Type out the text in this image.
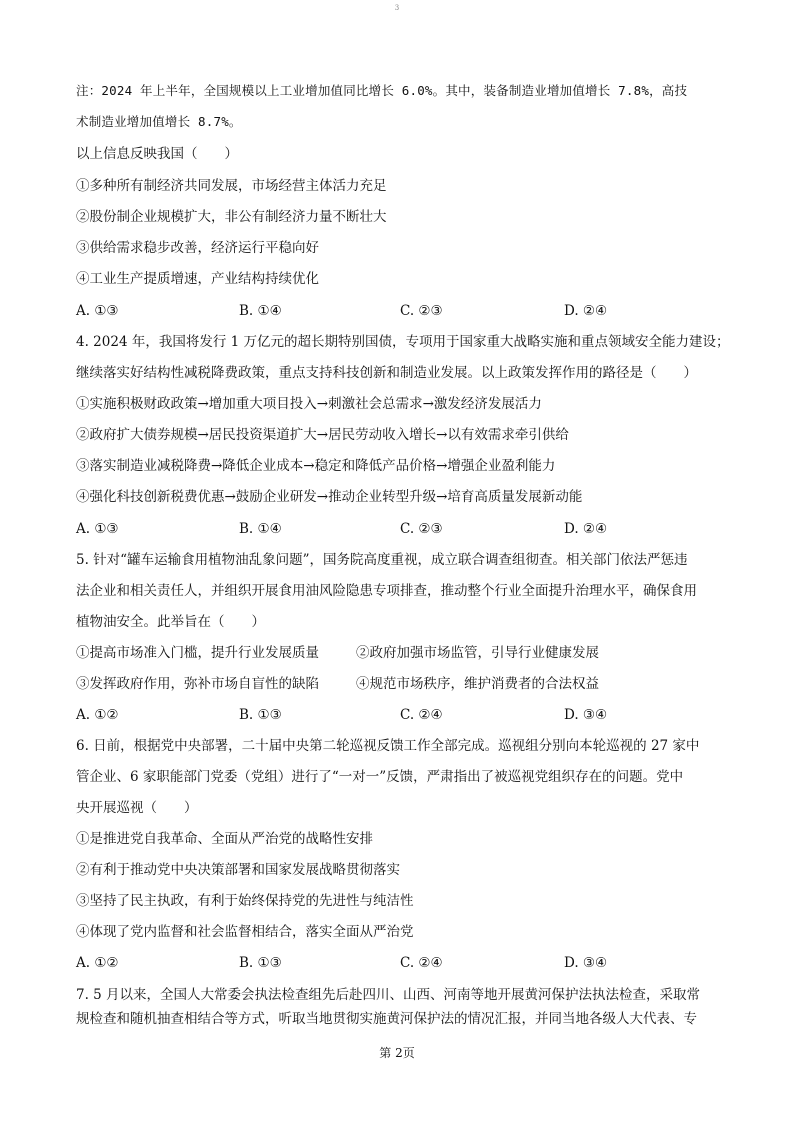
3
注：2024 年上半年，全国规模以上工业增加值同比增长 6.0%。其中，装备制造业增加值增长 7.8%，高技
术制造业增加值增长 8.7%。
以上信息反映我国（　　）
①多种所有制经济共同发展，市场经营主体活力充足
②股份制企业规模扩大，非公有制经济力量不断壮大
③供给需求稳步改善，经济运行平稳向好
④工业生产提质增速，产业结构持续优化
A. ①③	B. ①④	C. ②③	D. ②④
4. 2024 年，我国将发行 1 万亿元的超长期特别国债，专项用于国家重大战略实施和重点领域安全能力建设；
继续落实好结构性减税降费政策，重点支持科技创新和制造业发展。以上政策发挥作用的路径是（　　）
①实施积极财政政策→增加重大项目投入→刺激社会总需求→激发经济发展活力
②政府扩大债券规模→居民投资渠道扩大→居民劳动收入增长→以有效需求牵引供给
③落实制造业减税降费→降低企业成本→稳定和降低产品价格→增强企业盈利能力
④强化科技创新税费优惠→鼓励企业研发→推动企业转型升级→培育高质量发展新动能
A. ①③	B. ①④	C. ②③	D. ②④
5. 针对“罐车运输食用植物油乱象问题”，国务院高度重视，成立联合调查组彻查。相关部门依法严惩违
法企业和相关责任人，并组织开展食用油风险隐患专项排查，推动整个行业全面提升治理水平，确保食用
植物油安全。此举旨在（　　）
①提高市场准入门槛，提升行业发展质量	②政府加强市场监管，引导行业健康发展
③发挥政府作用，弥补市场自盲性的缺陷	④规范市场秩序，维护消费者的合法权益
A. ①②	B. ①③	C. ②④	D. ③④
6. 日前，根据党中央部署，二十届中央第二轮巡视反馈工作全部完成。巡视组分别向本轮巡视的 27 家中
管企业、6 家职能部门党委（党组）进行了“一对一”反馈，严肃指出了被巡视党组织存在的问题。党中
央开展巡视（　　）
①是推进党自我革命、全面从严治党的战略性安排
②有利于推动党中央决策部署和国家发展战略贯彻落实
③坚持了民主执政，有利于始终保持党的先进性与纯洁性
④体现了党内监督和社会监督相结合，落实全面从严治党
A. ①②	B. ①③	C. ②④	D. ③④
7. 5 月以来，全国人大常委会执法检查组先后赴四川、山西、河南等地开展黄河保护法执法检查，采取常
规检查和随机抽查相结合等方式，听取当地贯彻实施黄河保护法的情况汇报，并同当地各级人大代表、专
第 2页
